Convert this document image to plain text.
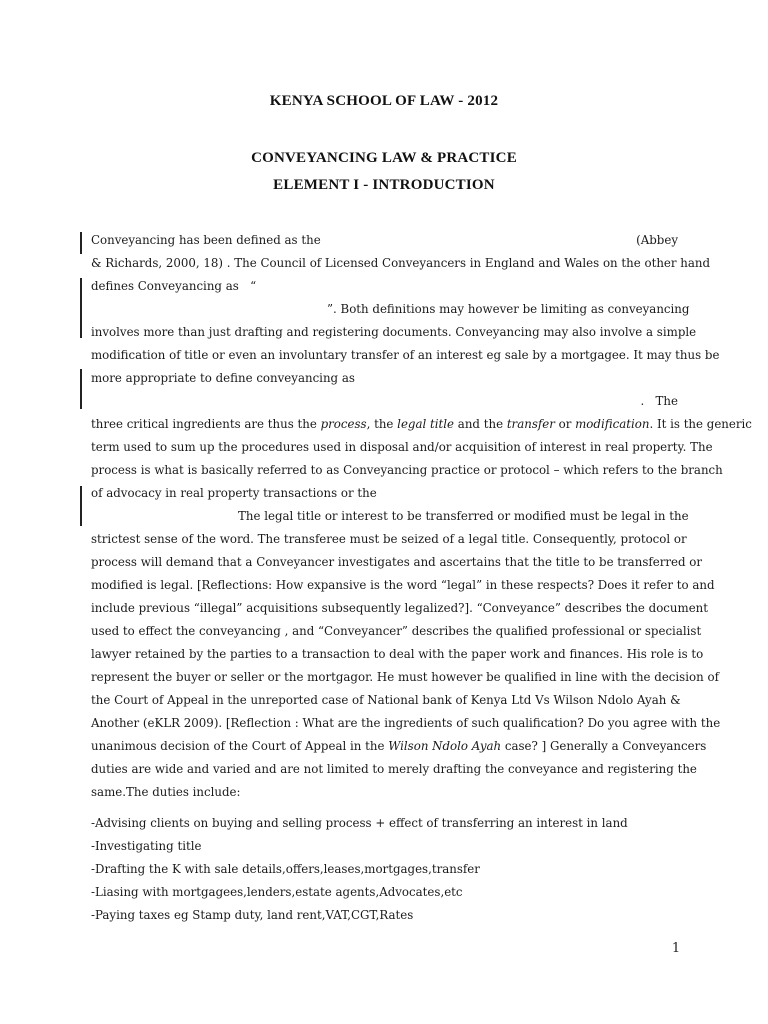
KENYA SCHOOL OF LAW - 2012
CONVEYANCING LAW & PRACTICE
ELEMENT I - INTRODUCTION
Conveyancing has been defined as the	(Abbey
& Richards, 2000, 18) . The Council of Licensed Conveyancers in England and Wales on the other hand
defines Conveyancing as   “
”. Both definitions may however be limiting as conveyancing
involves more than just drafting and registering documents. Conveyancing may also involve a simple
modification of title or even an involuntary transfer of an interest eg sale by a mortgagee. It may thus be
more appropriate to define conveyancing as
.   The
three critical ingredients are thus the process, the legal title and the transfer or modification. It is the generic
term used to sum up the procedures used in disposal and/or acquisition of interest in real property. The
process is what is basically referred to as Conveyancing practice or protocol – which refers to the branch
of advocacy in real property transactions or the
The legal title or interest to be transferred or modified must be legal in the
strictest sense of the word. The transferee must be seized of a legal title. Consequently, protocol or
process will demand that a Conveyancer investigates and ascertains that the title to be transferred or
modified is legal. [Reflections: How expansive is the word “legal” in these respects? Does it refer to and
include previous “illegal” acquisitions subsequently legalized?]. “Conveyance” describes the document
used to effect the conveyancing , and “Conveyancer” describes the qualified professional or specialist
lawyer retained by the parties to a transaction to deal with the paper work and finances. His role is to
represent the buyer or seller or the mortgagor. He must however be qualified in line with the decision of
the Court of Appeal in the unreported case of National bank of Kenya Ltd Vs Wilson Ndolo Ayah &
Another (eKLR 2009). [Reflection : What are the ingredients of such qualification? Do you agree with the
unanimous decision of the Court of Appeal in the Wilson Ndolo Ayah case? ] Generally a Conveyancers
duties are wide and varied and are not limited to merely drafting the conveyance and registering the
same.The duties include:
-Advising clients on buying and selling process + effect of transferring an interest in land
-Investigating title
-Drafting the K with sale details,offers,leases,mortgages,transfer
-Liasing with mortgagees,lenders,estate agents,Advocates,etc
-Paying taxes eg Stamp duty, land rent,VAT,CGT,Rates
1
